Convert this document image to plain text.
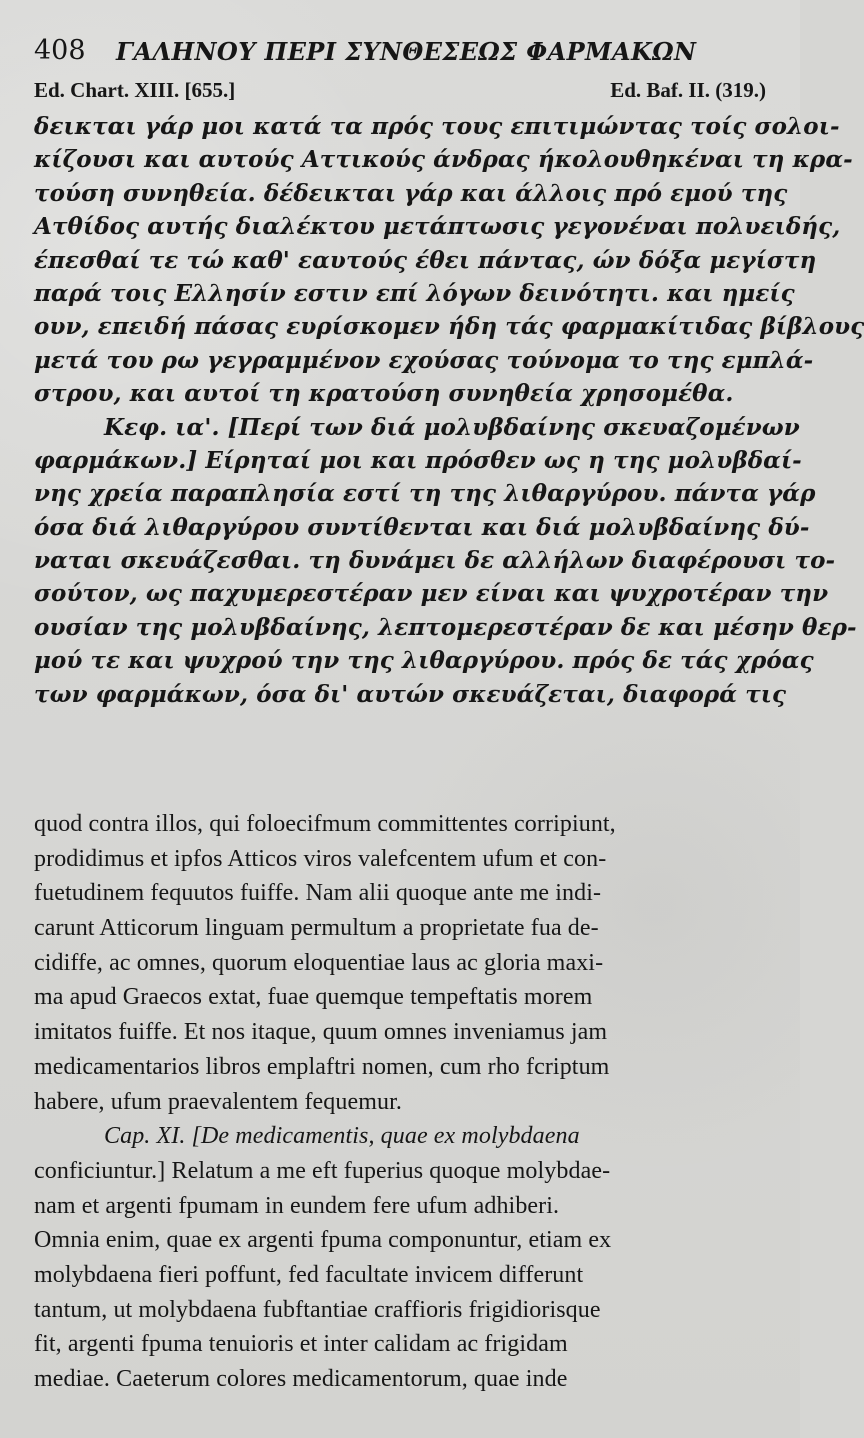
408	ΓΑΛΗΝΟΥ ΠΕΡΙ ΣΥΝΘΕΣΕΩΣ ΦΑΡΜΑΚΩΝ
Ed. Chart. XIII. [655.]	Ed. Baf. II. (319.)
δεικται γάρ μοι κατά τα πρός τους επιτιμώντας τοίς σολοι-
κίζουσι και αυτούς Αττικούς άνδρας ήκολουθηκέναι τη κρα-
τούση συνηθεία. δέδεικται γάρ και άλλοις πρό εμού της
Ατθίδος αυτής διαλέκτου μετάπτωσις γεγονέναι πολυειδής,
έπεσθαί τε τώ καθ' εαυτούς έθει πάντας, ών δόξα μεγίστη
παρά τοις Ελλησίν εστιν επί λόγων δεινότητι. και ημείς
ουν, επειδή πάσας ευρίσκομεν ήδη τάς φαρμακίτιδας βίβλους
μετά του ρω γεγραμμένον εχούσας τούνομα το της εμπλά-
στρου, και αυτοί τη κρατούση συνηθεία χρησομέθα.
Κεφ. ια'. [Περί των διά μολυβδαίνης σκευαζομένων
φαρμάκων.] Είρηταί μοι και πρόσθεν ως η της μολυβδαί-
νης χρεία παραπλησία εστί τη της λιθαργύρου. πάντα γάρ
όσα διά λιθαργύρου συντίθενται και διά μολυβδαίνης δύ-
ναται σκευάζεσθαι. τη δυνάμει δε αλλήλων διαφέρουσι το-
σούτον, ως παχυμερεστέραν μεν είναι και ψυχροτέραν την
ουσίαν της μολυβδαίνης, λεπτομερεστέραν δε και μέσην θερ-
μού τε και ψυχρού την της λιθαργύρου. πρός δε τάς χρόας
των φαρμάκων, όσα δι' αυτών σκευάζεται, διαφορά τις
quod contra illos, qui foloecifmum committentes corripiunt,
prodidimus et ipfos Atticos viros valefcentem ufum et con-
fuetudinem fequutos fuiffe. Nam alii quoque ante me indi-
carunt Atticorum linguam permultum a proprietate fua de-
cidiffe, ac omnes, quorum eloquentiae laus ac gloria maxi-
ma apud Graecos extat, fuae quemque tempeftatis morem
imitatos fuiffe. Et nos itaque, quum omnes inveniamus jam
medicamentarios libros emplaftri nomen, cum rho fcriptum
habere, ufum praevalentem fequemur.
Cap. XI. [De medicamentis, quae ex molybdaena
conficiuntur.] Relatum a me eft fuperius quoque molybdae-
nam et argenti fpumam in eundem fere ufum adhiberi.
Omnia enim, quae ex argenti fpuma componuntur, etiam ex
molybdaena fieri poffunt, fed facultate invicem differunt
tantum, ut molybdaena fubftantiae craffioris frigidiorisque
fit, argenti fpuma tenuioris et inter calidam ac frigidam
mediae. Caeterum colores medicamentorum, quae inde
